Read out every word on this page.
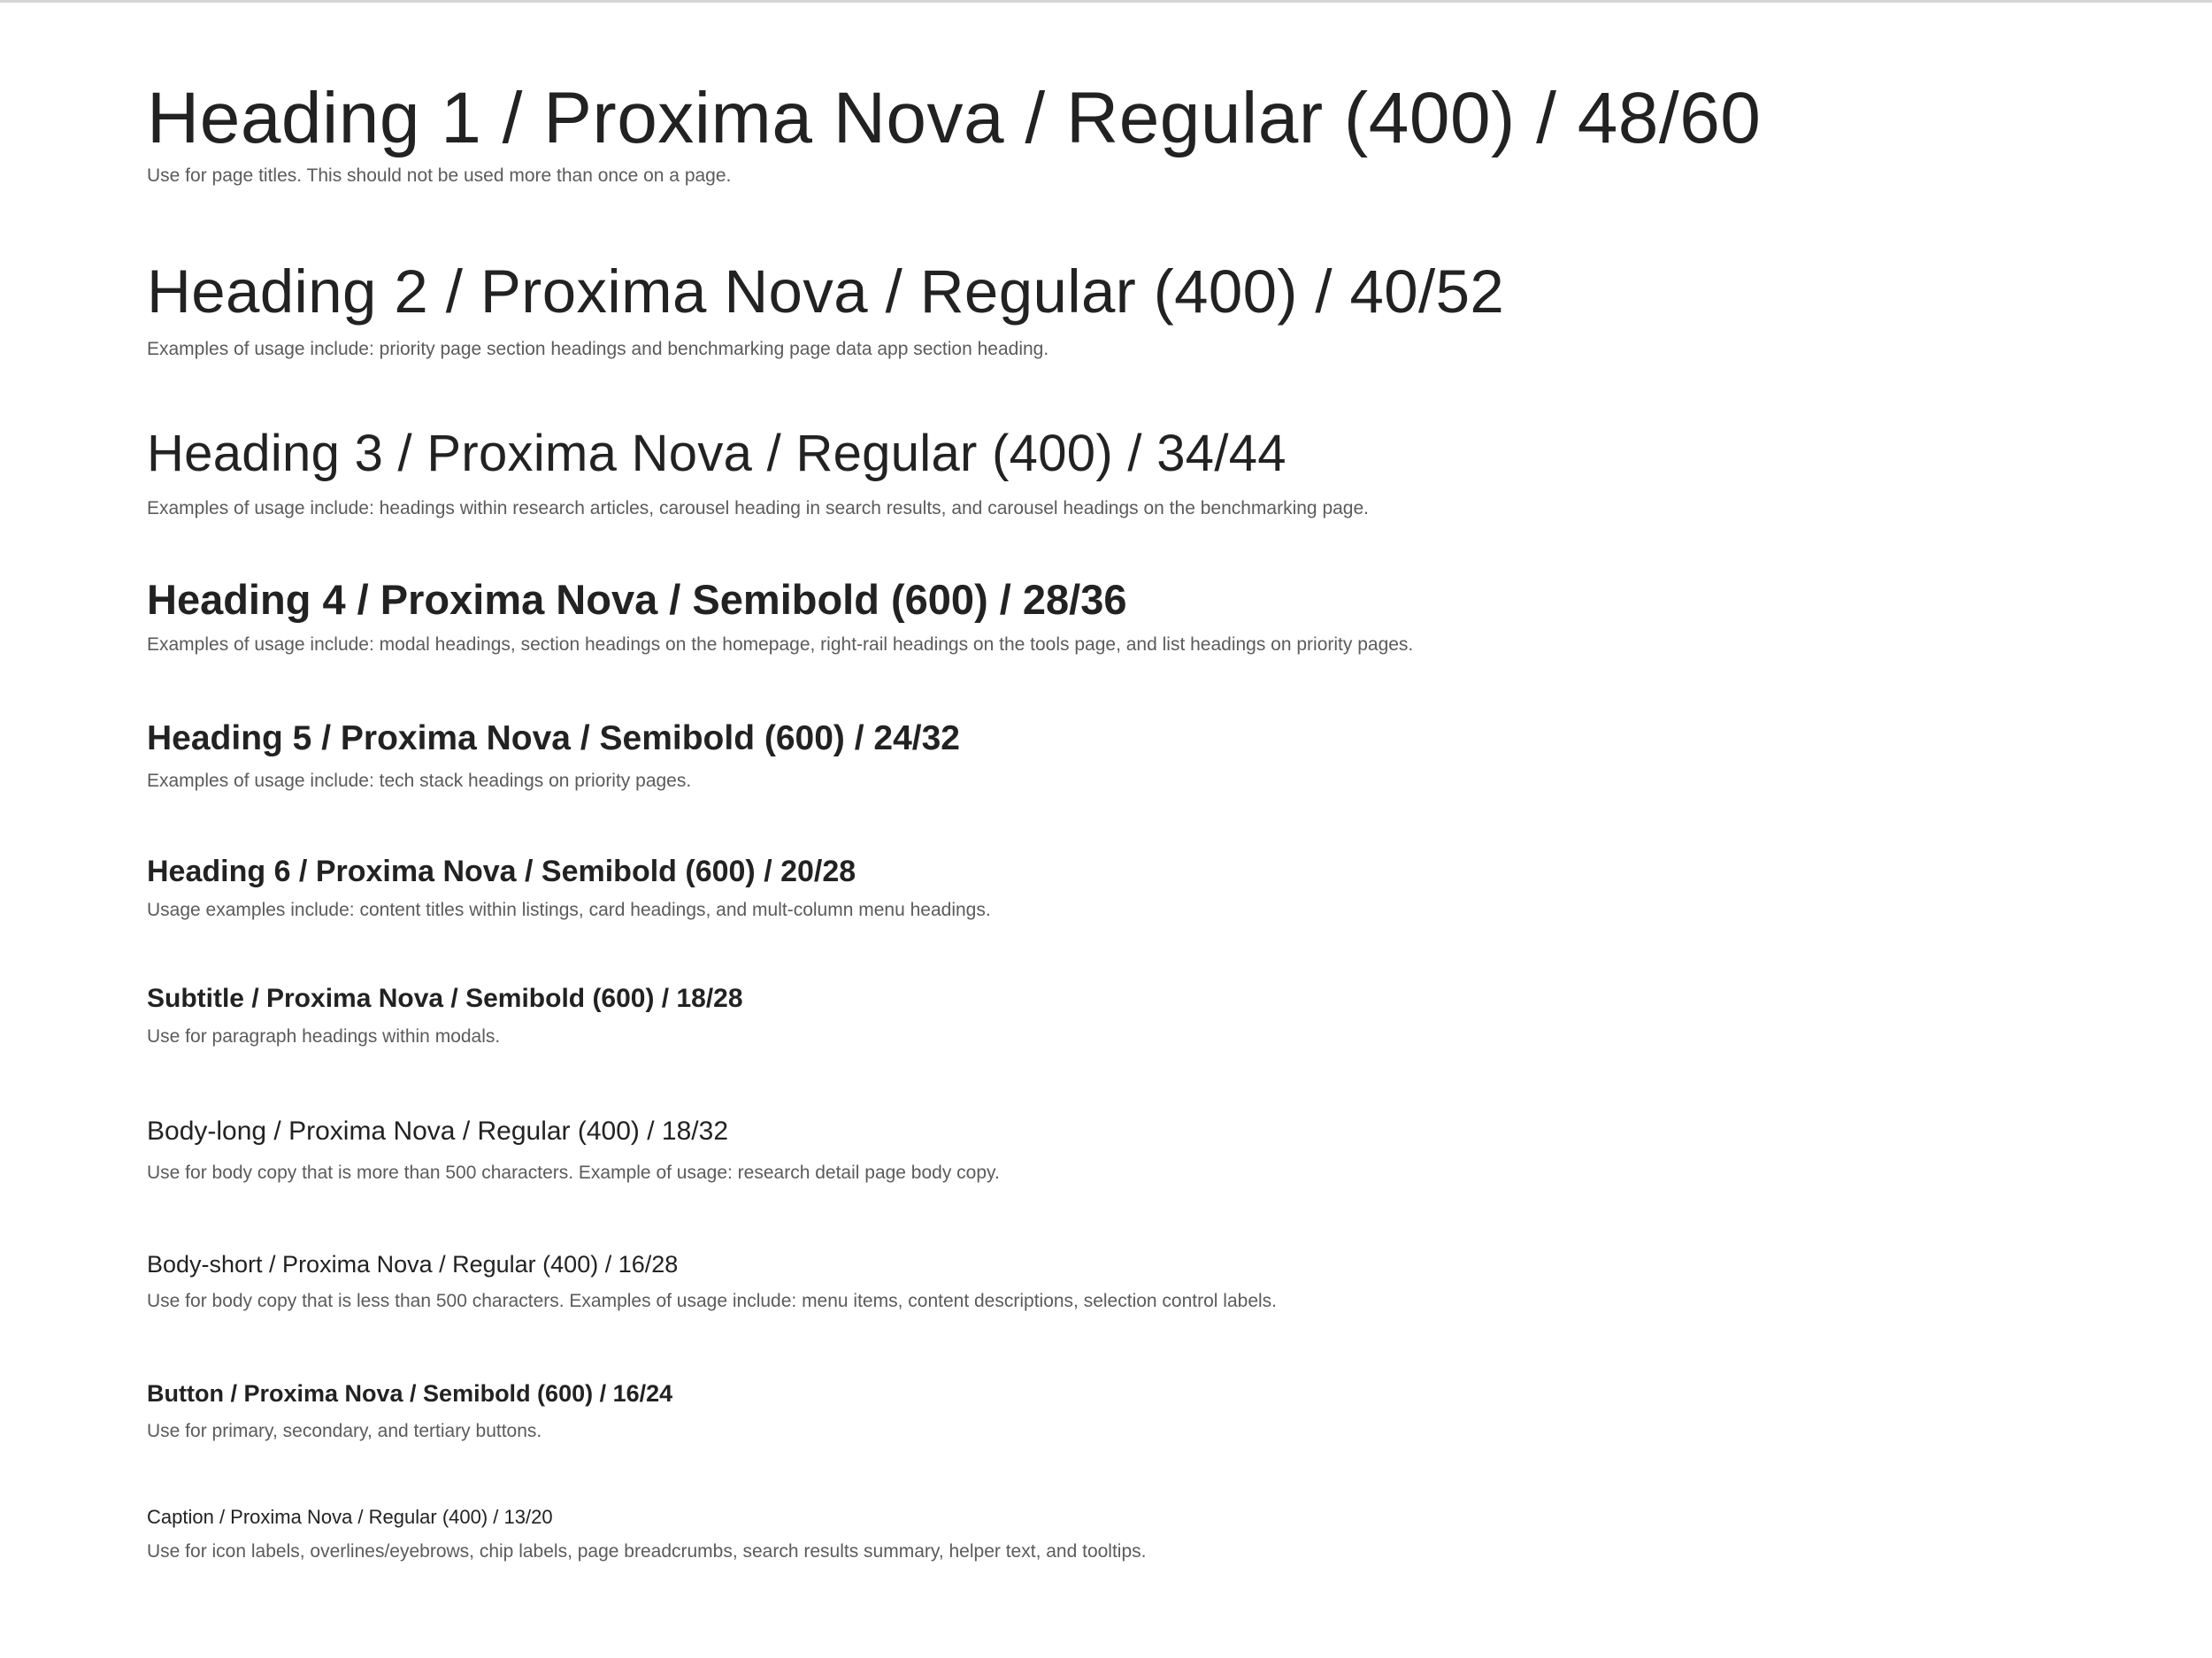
Heading 1 / Proxima Nova / Regular (400) / 48/60

Use for page titles. This should not be used more than once on a page.

Heading 2 / Proxima Nova / Regular (400) / 40/52

Examples of usage include: priority page section headings and benchmarking page data app section heading.

Heading 3 / Proxima Nova / Regular (400) / 34/44

Examples of usage include: headings within research articles, carousel heading in search results, and carousel headings on the benchmarking page.

Heading 4 / Proxima Nova / Semibold (600) / 28/36

Examples of usage include: modal headings, section headings on the homepage, right-rail headings on the tools page, and list headings on priority pages.

Heading 5 / Proxima Nova / Semibold (600) / 24/32

Examples of usage include: tech stack headings on priority pages.

Heading 6 / Proxima Nova / Semibold (600) / 20/28

Usage examples include: content titles within listings, card headings, and mult-column menu headings.

Subtitle / Proxima Nova / Semibold (600) / 18/28

Use for paragraph headings within modals.

Body-long / Proxima Nova / Regular (400) / 18/32

Use for body copy that is more than 500 characters. Example of usage: research detail page body copy.

Body-short / Proxima Nova / Regular (400) / 16/28

Use for body copy that is less than 500 characters. Examples of usage include: menu items, content descriptions, selection control labels.

Button / Proxima Nova / Semibold (600) / 16/24

Use for primary, secondary, and tertiary buttons.

Caption / Proxima Nova / Regular (400) / 13/20

Use for icon labels, overlines/eyebrows, chip labels, page breadcrumbs, search results summary, helper text, and tooltips.
